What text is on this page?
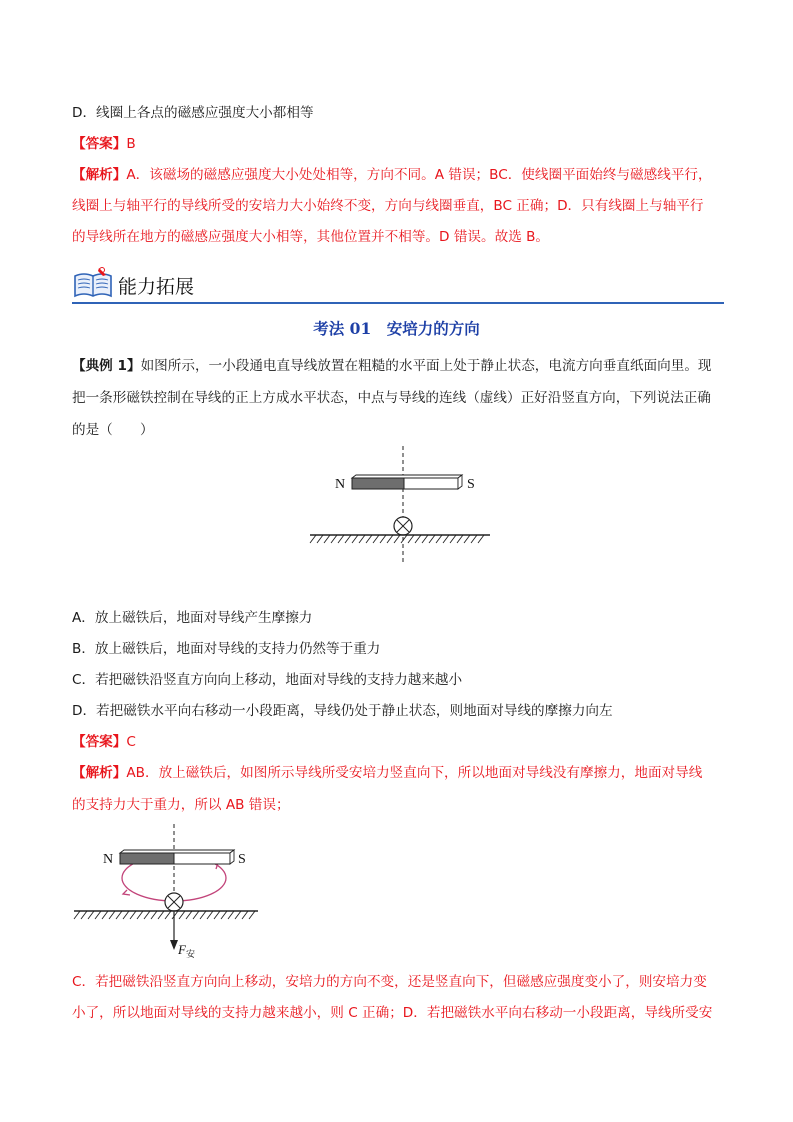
D．线圈上各点的磁感应强度大小都相等
【答案】B
【解析】A．该磁场的磁感应强度大小处处相等，方向不同。A 错误；BC．使线圈平面始终与磁感线平行，
线圈上与轴平行的导线所受的安培力大小始终不变，方向与线圈垂直，BC 正确；D．只有线圈上与轴平行
的导线所在地方的磁感应强度大小相等，其他位置并不相等。D 错误。故选 B。
能力拓展
考法 01　安培力的方向
【典例 1】如图所示，一小段通电直导线放置在粗糙的水平面上处于静止状态，电流方向垂直纸面向里。现
把一条形磁铁控制在导线的正上方成水平状态，中点与导线的连线（虚线）正好沿竖直方向，下列说法正确
的是（　　）
N	S
A．放上磁铁后，地面对导线产生摩擦力
B．放上磁铁后，地面对导线的支持力仍然等于重力
C．若把磁铁沿竖直方向向上移动，地面对导线的支持力越来越小
D．若把磁铁水平向右移动一小段距离，导线仍处于静止状态，则地面对导线的摩擦力向左
【答案】C
【解析】AB．放上磁铁后，如图所示导线所受安培力竖直向下，所以地面对导线没有摩擦力，地面对导线
的支持力大于重力，所以 AB 错误；
N	S
$F_安$
C．若把磁铁沿竖直方向向上移动，安培力的方向不变，还是竖直向下，但磁感应强度变小了，则安培力变
小了，所以地面对导线的支持力越来越小，则 C 正确；D．若把磁铁水平向右移动一小段距离，导线所受安
